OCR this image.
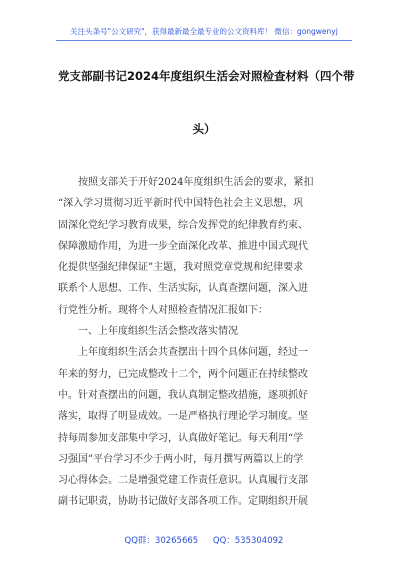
关注头条号"公文研究"，获得最新最全最专业的公文资料库！ 微信：gongwenyj
党支部副书记2024年度组织生活会对照检查材料（四个带
头）

　　按照支部关于开好2024年度组织生活会的要求，紧扣

“深入学习贯彻习近平新时代中国特色社会主义思想，巩

固深化党纪学习教育成果，综合发挥党的纪律教育约束、

保障激励作用，为进一步全面深化改革、推进中国式现代

化提供坚强纪律保证”主题，我对照党章党规和纪律要求

联系个人思想、工作、生活实际，认真查摆问题，深入进

行党性分析。现将个人对照检查情况汇报如下：

　　一、上年度组织生活会整改落实情况

　　上年度组织生活会共查摆出十四个具体问题，经过一

年来的努力，已完成整改十二个，两个问题正在持续整改

中。针对查摆出的问题，我认真制定整改措施，逐项抓好

落实，取得了明显成效。一是严格执行理论学习制度。坚

持每周参加支部集中学习，认真做好笔记。每天利用“学

习强国”平台学习不少于两小时，每月撰写两篇以上的学

习心得体会。二是增强党建工作责任意识。认真履行支部

副书记职责，协助书记做好支部各项工作。定期组织开展

QQ群：30265665 QQ：535304092
